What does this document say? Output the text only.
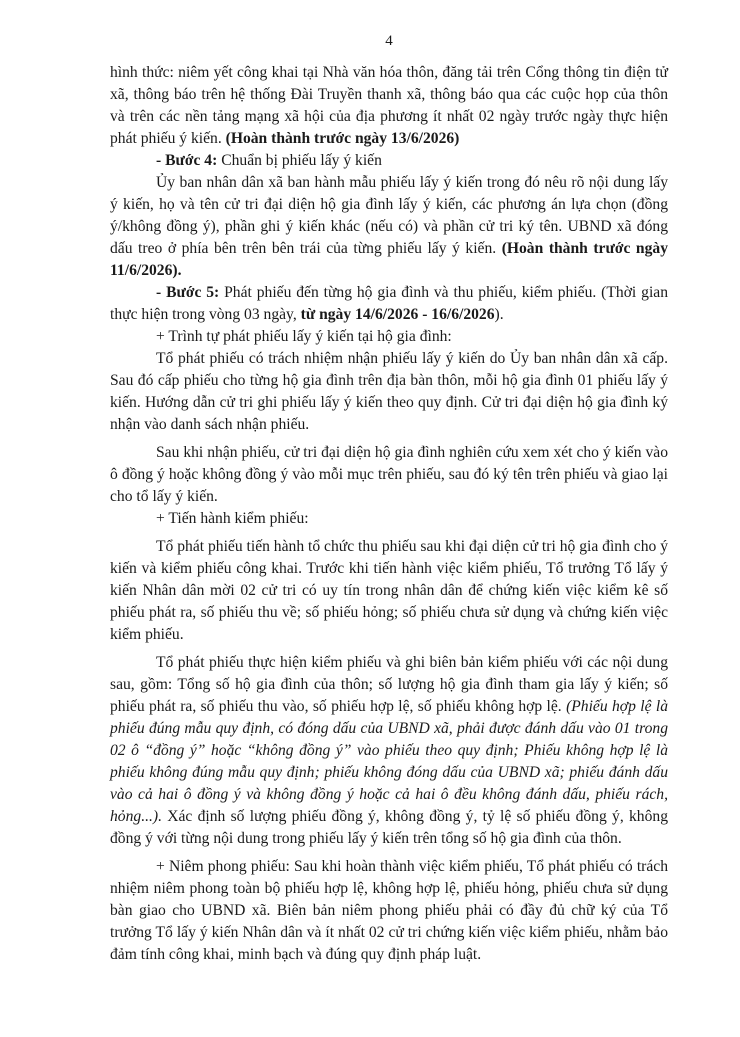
4

hình thức: niêm yết công khai tại Nhà văn hóa thôn, đăng tải trên Cổng thông tin điện tử xã, thông báo trên hệ thống Đài Truyền thanh xã, thông báo qua các cuộc họp của thôn và trên các nền tảng mạng xã hội của địa phương ít nhất 02 ngày trước ngày thực hiện phát phiếu ý kiến. (Hoàn thành trước ngày 13/6/2026)

- Bước 4: Chuẩn bị phiếu lấy ý kiến

Ủy ban nhân dân xã ban hành mẫu phiếu lấy ý kiến trong đó nêu rõ nội dung lấy ý kiến, họ và tên cử tri đại diện hộ gia đình lấy ý kiến, các phương án lựa chọn (đồng ý/không đồng ý), phần ghi ý kiến khác (nếu có) và phần cử tri ký tên. UBND xã đóng dấu treo ở phía bên trên bên trái của từng phiếu lấy ý kiến. (Hoàn thành trước ngày 11/6/2026).

- Bước 5: Phát phiếu đến từng hộ gia đình và thu phiếu, kiểm phiếu. (Thời gian thực hiện trong vòng 03 ngày, từ ngày 14/6/2026 - 16/6/2026).

+ Trình tự phát phiếu lấy ý kiến tại hộ gia đình:

Tổ phát phiếu có trách nhiệm nhận phiếu lấy ý kiến do Ủy ban nhân dân xã cấp. Sau đó cấp phiếu cho từng hộ gia đình trên địa bàn thôn, mỗi hộ gia đình 01 phiếu lấy ý kiến. Hướng dẫn cử tri ghi phiếu lấy ý kiến theo quy định. Cử tri đại diện hộ gia đình ký nhận vào danh sách nhận phiếu.

Sau khi nhận phiếu, cử tri đại diện hộ gia đình nghiên cứu xem xét cho ý kiến vào ô đồng ý hoặc không đồng ý vào mỗi mục trên phiếu, sau đó ký tên trên phiếu và giao lại cho tổ lấy ý kiến.

+ Tiến hành kiểm phiếu:

Tổ phát phiếu tiến hành tổ chức thu phiếu sau khi đại diện cử tri hộ gia đình cho ý kiến và kiểm phiếu công khai. Trước khi tiến hành việc kiểm phiếu, Tổ trưởng Tổ lấy ý kiến Nhân dân mời 02 cử tri có uy tín trong nhân dân để chứng kiến việc kiểm kê số phiếu phát ra, số phiếu thu về; số phiếu hỏng; số phiếu chưa sử dụng và chứng kiến việc kiểm phiếu.

Tổ phát phiếu thực hiện kiểm phiếu và ghi biên bản kiểm phiếu với các nội dung sau, gồm: Tổng số hộ gia đình của thôn; số lượng hộ gia đình tham gia lấy ý kiến; số phiếu phát ra, số phiếu thu vào, số phiếu hợp lệ, số phiếu không hợp lệ. (Phiếu hợp lệ là phiếu đúng mẫu quy định, có đóng dấu của UBND xã, phải được đánh dấu vào 01 trong 02 ô “đồng ý” hoặc “không đồng ý” vào phiếu theo quy định; Phiếu không hợp lệ là phiếu không đúng mẫu quy định; phiếu không đóng dấu của UBND xã; phiếu đánh dấu vào cả hai ô đồng ý và không đồng ý hoặc cả hai ô đều không đánh dấu, phiếu rách, hỏng...). Xác định số lượng phiếu đồng ý, không đồng ý, tỷ lệ số phiếu đồng ý, không đồng ý với từng nội dung trong phiếu lấy ý kiến trên tổng số hộ gia đình của thôn.

+ Niêm phong phiếu: Sau khi hoàn thành việc kiểm phiếu, Tổ phát phiếu có trách nhiệm niêm phong toàn bộ phiếu hợp lệ, không hợp lệ, phiếu hỏng, phiếu chưa sử dụng bàn giao cho UBND xã. Biên bản niêm phong phiếu phải có đầy đủ chữ ký của Tổ trưởng Tổ lấy ý kiến Nhân dân và ít nhất 02 cử tri chứng kiến việc kiểm phiếu, nhằm bảo đảm tính công khai, minh bạch và đúng quy định pháp luật.
